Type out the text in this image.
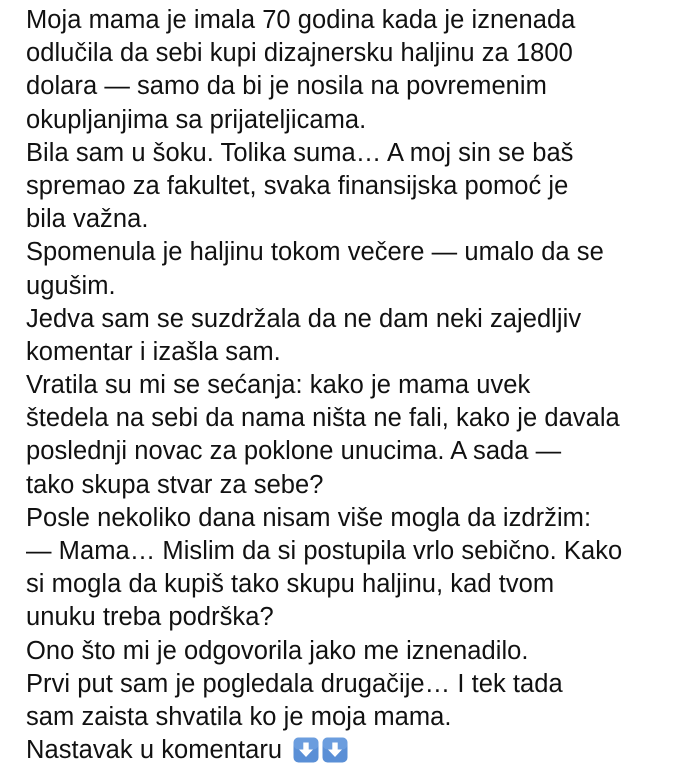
Moja mama je imala 70 godina kada je iznenada
odlučila da sebi kupi dizajnersku haljinu za 1800
dolara — samo da bi je nosila na povremenim
okupljanjima sa prijateljicama.
Bila sam u šoku. Tolika suma… A moj sin se baš
spremao za fakultet, svaka finansijska pomoć je
bila važna.
Spomenula je haljinu tokom večere — umalo da se
ugušim.
Jedva sam se suzdržala da ne dam neki zajedljiv
komentar i izašla sam.
Vratila su mi se sećanja: kako je mama uvek
štedela na sebi da nama ništa ne fali, kako je davala
poslednji novac za poklone unucima. A sada —
tako skupa stvar za sebe?
Posle nekoliko dana nisam više mogla da izdržim:
— Mama… Mislim da si postupila vrlo sebično. Kako
si mogla da kupiš tako skupu haljinu, kad tvom
unuku treba podrška?
Ono što mi je odgovorila jako me iznenadilo.
Prvi put sam je pogledala drugačije… I tek tada
sam zaista shvatila ko je moja mama.
Nastavak u komentaru
